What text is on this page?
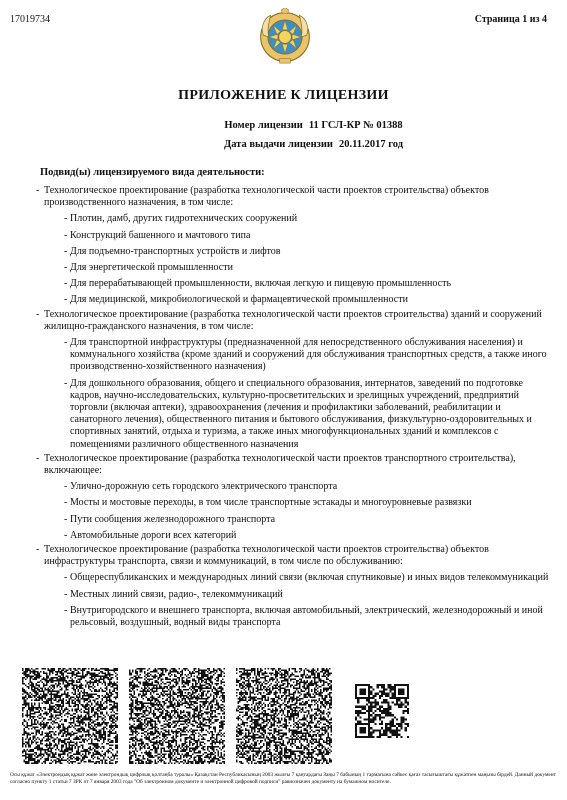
17019734	Страница 1 из 4
ПРИЛОЖЕНИЕ К ЛИЦЕНЗИИ
Номер лицензии 11 ГСЛ-КР № 01388
Дата выдачи лицензии 20.11.2017 год
Подвид(ы) лицензируемого вида деятельности:
- Технологическое проектирование (разработка технологической части проектов строительства) объектов производственного назначения, в том числе:
- Плотин, дамб, других гидротехнических сооружений
- Конструкций башенного и мачтового типа
- Для подъемно-транспортных устройств и лифтов
- Для энергетической промышленности
- Для перерабатывающей промышленности, включая легкую и пищевую промышленность
- Для медицинской, микробиологической и фармацевтической промышленности
- Технологическое проектирование (разработка технологической части проектов строительства) зданий и сооружений жилищно-гражданского назначения, в том числе:
- Для транспортной инфраструктуры (предназначенной для непосредственного обслуживания населения) и коммунального хозяйства (кроме зданий и сооружений для обслуживания транспортных средств, а также иного производственно-хозяйственного назначения)
- Для дошкольного образования, общего и специального образования, интернатов, заведений по подготовке кадров, научно-исследовательских, культурно-просветительских и зрелищных учреждений, предприятий торговли (включая аптеки), здравоохранения (лечения и профилактики заболеваний, реабилитации и санаторного лечения), общественного питания и бытового обслуживания, физкультурно-оздоровительных и спортивных занятий, отдыха и туризма, а также иных многофункциональных зданий и комплексов с помещениями различного общественного назначения
- Технологическое проектирование (разработка технологической части проектов транспортного строительства), включающее:
- Улично-дорожную сеть городского электрического транспорта
- Мосты и мостовые переходы, в том числе транспортные эстакады и многоуровневые развязки
- Пути сообщения железнодорожного транспорта
- Автомобильные дороги всех категорий
- Технологическое проектирование (разработка технологической части проектов строительства) объектов инфраструктуры транспорта, связи и коммуникаций, в том числе по обслуживанию:
- Общереспубликанских и международных линий связи (включая спутниковые) и иных видов телекоммуникаций
- Местных линий связи, радио-, телекоммуникаций
- Внутригородского и внешнего транспорта, включая автомобильный, электрический, железнодорожный и иной рельсовый, воздушный, водный виды транспорта
Осы құжат «Электрондық құжат және электрондық цифрлық қолтаңба туралы» Қазақстан Республикасының 2003 жылғы 7 қаңтардағы Заңы 7 бабының 1 тармағына сәйкес қағаз тасығыштағы құжатпен маңызы бірдей. Данный документ согласно пункту 1 статьи 7 ЗРК от 7 января 2003 года "Об электронном документе и электронной цифровой подписи" равнозначен документу на бумажном носителе.
